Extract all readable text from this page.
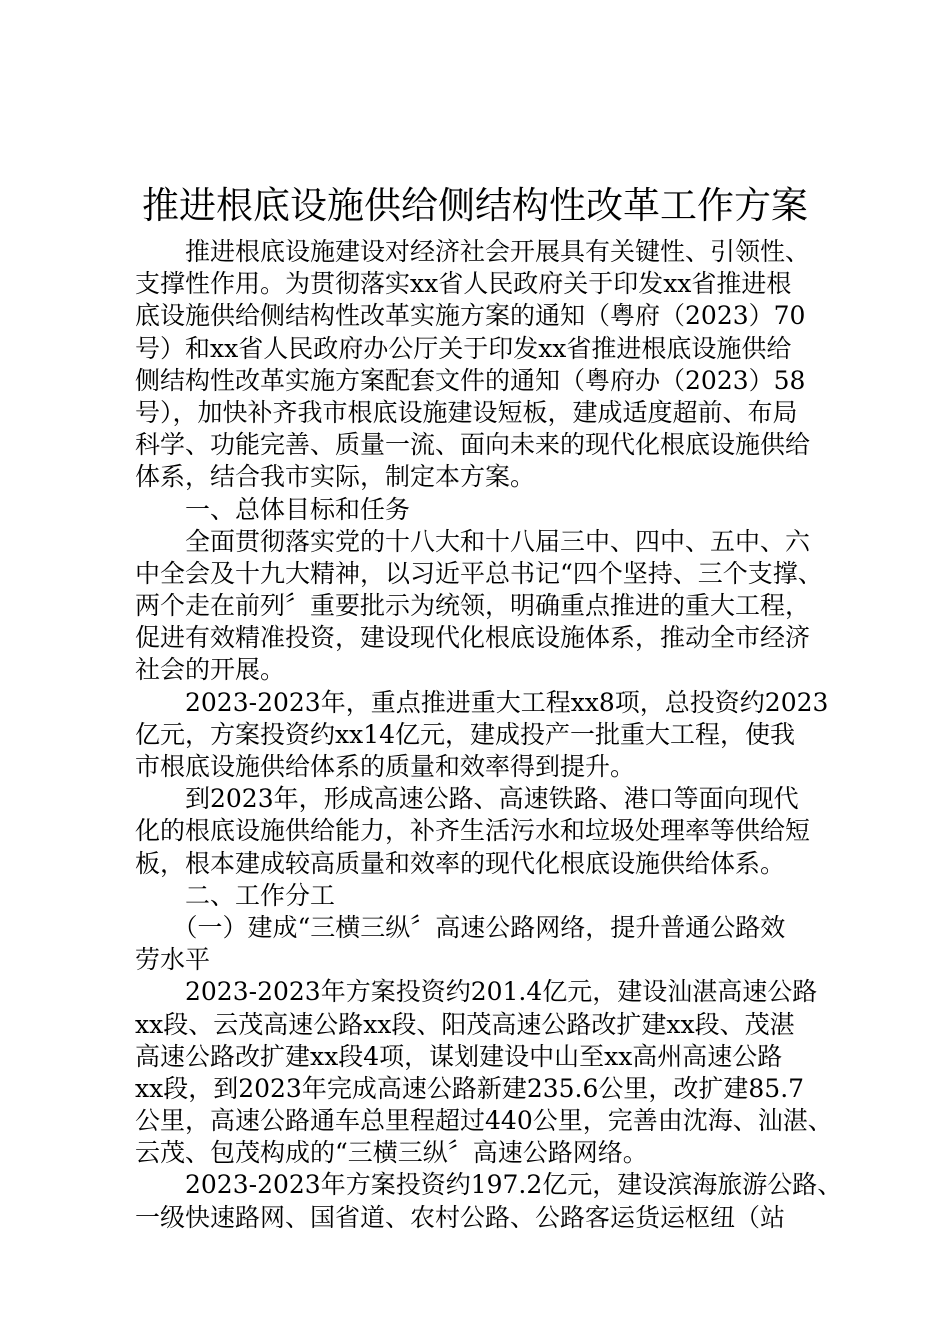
推进根底设施供给侧结构性改革工作方案
　　推进根底设施建设对经济社会开展具有关键性、引领性、
支撑性作用。为贯彻落实xx省人民政府关于印发xx省推进根
底设施供给侧结构性改革实施方案的通知（粤府（2023）70
号）和xx省人民政府办公厅关于印发xx省推进根底设施供给
侧结构性改革实施方案配套文件的通知（粤府办（2023）58
号），加快补齐我市根底设施建设短板，建成适度超前、布局
科学、功能完善、质量一流、面向未来的现代化根底设施供给
体系，结合我市实际，制定本方案。
　　一、总体目标和任务
　　全面贯彻落实党的十八大和十八届三中、四中、五中、六
中全会及十九大精神，以习近平总书记“四个坚持、三个支撑、
两个走在前列〞重要批示为统领，明确重点推进的重大工程，
促进有效精准投资，建设现代化根底设施体系，推动全市经济
社会的开展。
　　2023-2023年，重点推进重大工程xx8项，总投资约2023
亿元，方案投资约xx14亿元，建成投产一批重大工程，使我
市根底设施供给体系的质量和效率得到提升。
　　到2023年，形成高速公路、高速铁路、港口等面向现代
化的根底设施供给能力，补齐生活污水和垃圾处理率等供给短
板，根本建成较高质量和效率的现代化根底设施供给体系。
　　二、工作分工
　　（一）建成“三横三纵〞高速公路网络，提升普通公路效
劳水平
　　2023-2023年方案投资约201.4亿元，建设汕湛高速公路
xx段、云茂高速公路xx段、阳茂高速公路改扩建xx段、茂湛
高速公路改扩建xx段4项，谋划建设中山至xx高州高速公路
xx段，到2023年完成高速公路新建235.6公里，改扩建85.7
公里，高速公路通车总里程超过440公里，完善由沈海、汕湛、
云茂、包茂构成的“三横三纵〞高速公路网络。
　　2023-2023年方案投资约197.2亿元，建设滨海旅游公路、
一级快速路网、国省道、农村公路、公路客运货运枢纽（站
